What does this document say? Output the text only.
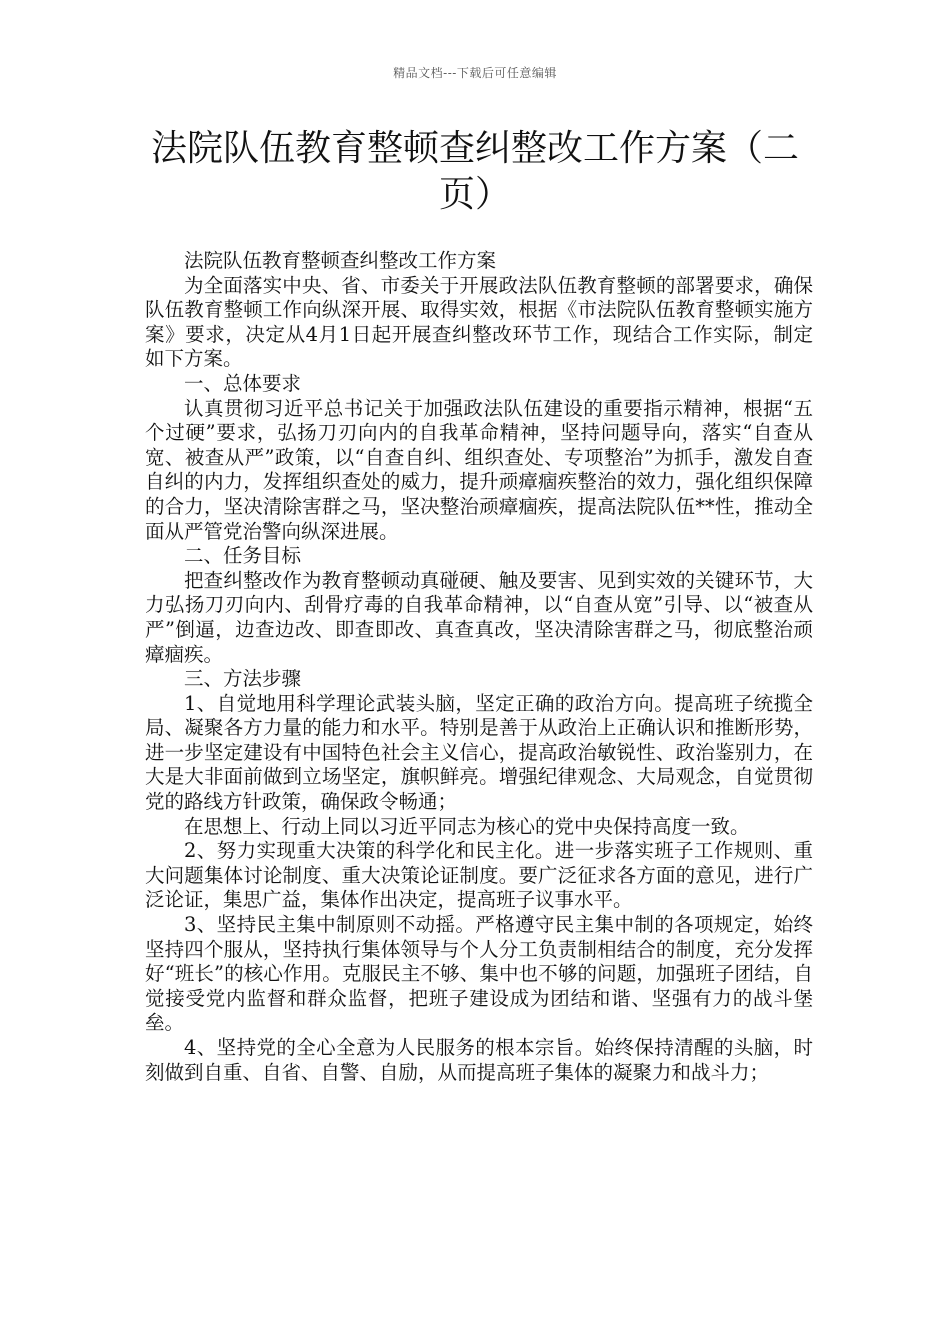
精品文档---下载后可任意编辑
法院队伍教育整顿查纠整改工作方案（二页）

法院队伍教育整顿查纠整改工作方案

为全面落实中央、省、市委关于开展政法队伍教育整顿的部署要求，确保队伍教育整顿工作向纵深开展、取得实效，根据《市法院队伍教育整顿实施方案》要求，决定从4月1日起开展查纠整改环节工作，现结合工作实际，制定如下方案。

一、总体要求

认真贯彻习近平总书记关于加强政法队伍建设的重要指示精神，根据“五个过硬”要求，弘扬刀刃向内的自我革命精神，坚持问题导向，落实“自查从宽、被查从严”政策，以“自查自纠、组织查处、专项整治”为抓手，激发自查自纠的内力，发挥组织查处的威力，提升顽瘴痼疾整治的效力，强化组织保障的合力，坚决清除害群之马，坚决整治顽瘴痼疾，提高法院队伍**性，推动全面从严管党治警向纵深进展。

二、任务目标

把查纠整改作为教育整顿动真碰硬、触及要害、见到实效的关键环节，大力弘扬刀刃向内、刮骨疗毒的自我革命精神，以“自查从宽”引导、以“被查从严”倒逼，边查边改、即查即改、真查真改，坚决清除害群之马，彻底整治顽瘴痼疾。

三、方法步骤

1、自觉地用科学理论武装头脑，坚定正确的政治方向。提高班子统揽全局、凝聚各方力量的能力和水平。特别是善于从政治上正确认识和推断形势，进一步坚定建设有中国特色社会主义信心，提高政治敏锐性、政治鉴别力，在大是大非面前做到立场坚定，旗帜鲜亮。增强纪律观念、大局观念，自觉贯彻党的路线方针政策，确保政令畅通；

在思想上、行动上同以习近平同志为核心的党中央保持高度一致。

2、努力实现重大决策的科学化和民主化。进一步落实班子工作规则、重大问题集体讨论制度、重大决策论证制度。要广泛征求各方面的意见，进行广泛论证，集思广益，集体作出决定，提高班子议事水平。

3、坚持民主集中制原则不动摇。严格遵守民主集中制的各项规定，始终坚持四个服从，坚持执行集体领导与个人分工负责制相结合的制度，充分发挥好“班长”的核心作用。克服民主不够、集中也不够的问题，加强班子团结，自觉接受党内监督和群众监督，把班子建设成为团结和谐、坚强有力的战斗堡垒。

4、坚持党的全心全意为人民服务的根本宗旨。始终保持清醒的头脑，时刻做到自重、自省、自警、自励，从而提高班子集体的凝聚力和战斗力；
